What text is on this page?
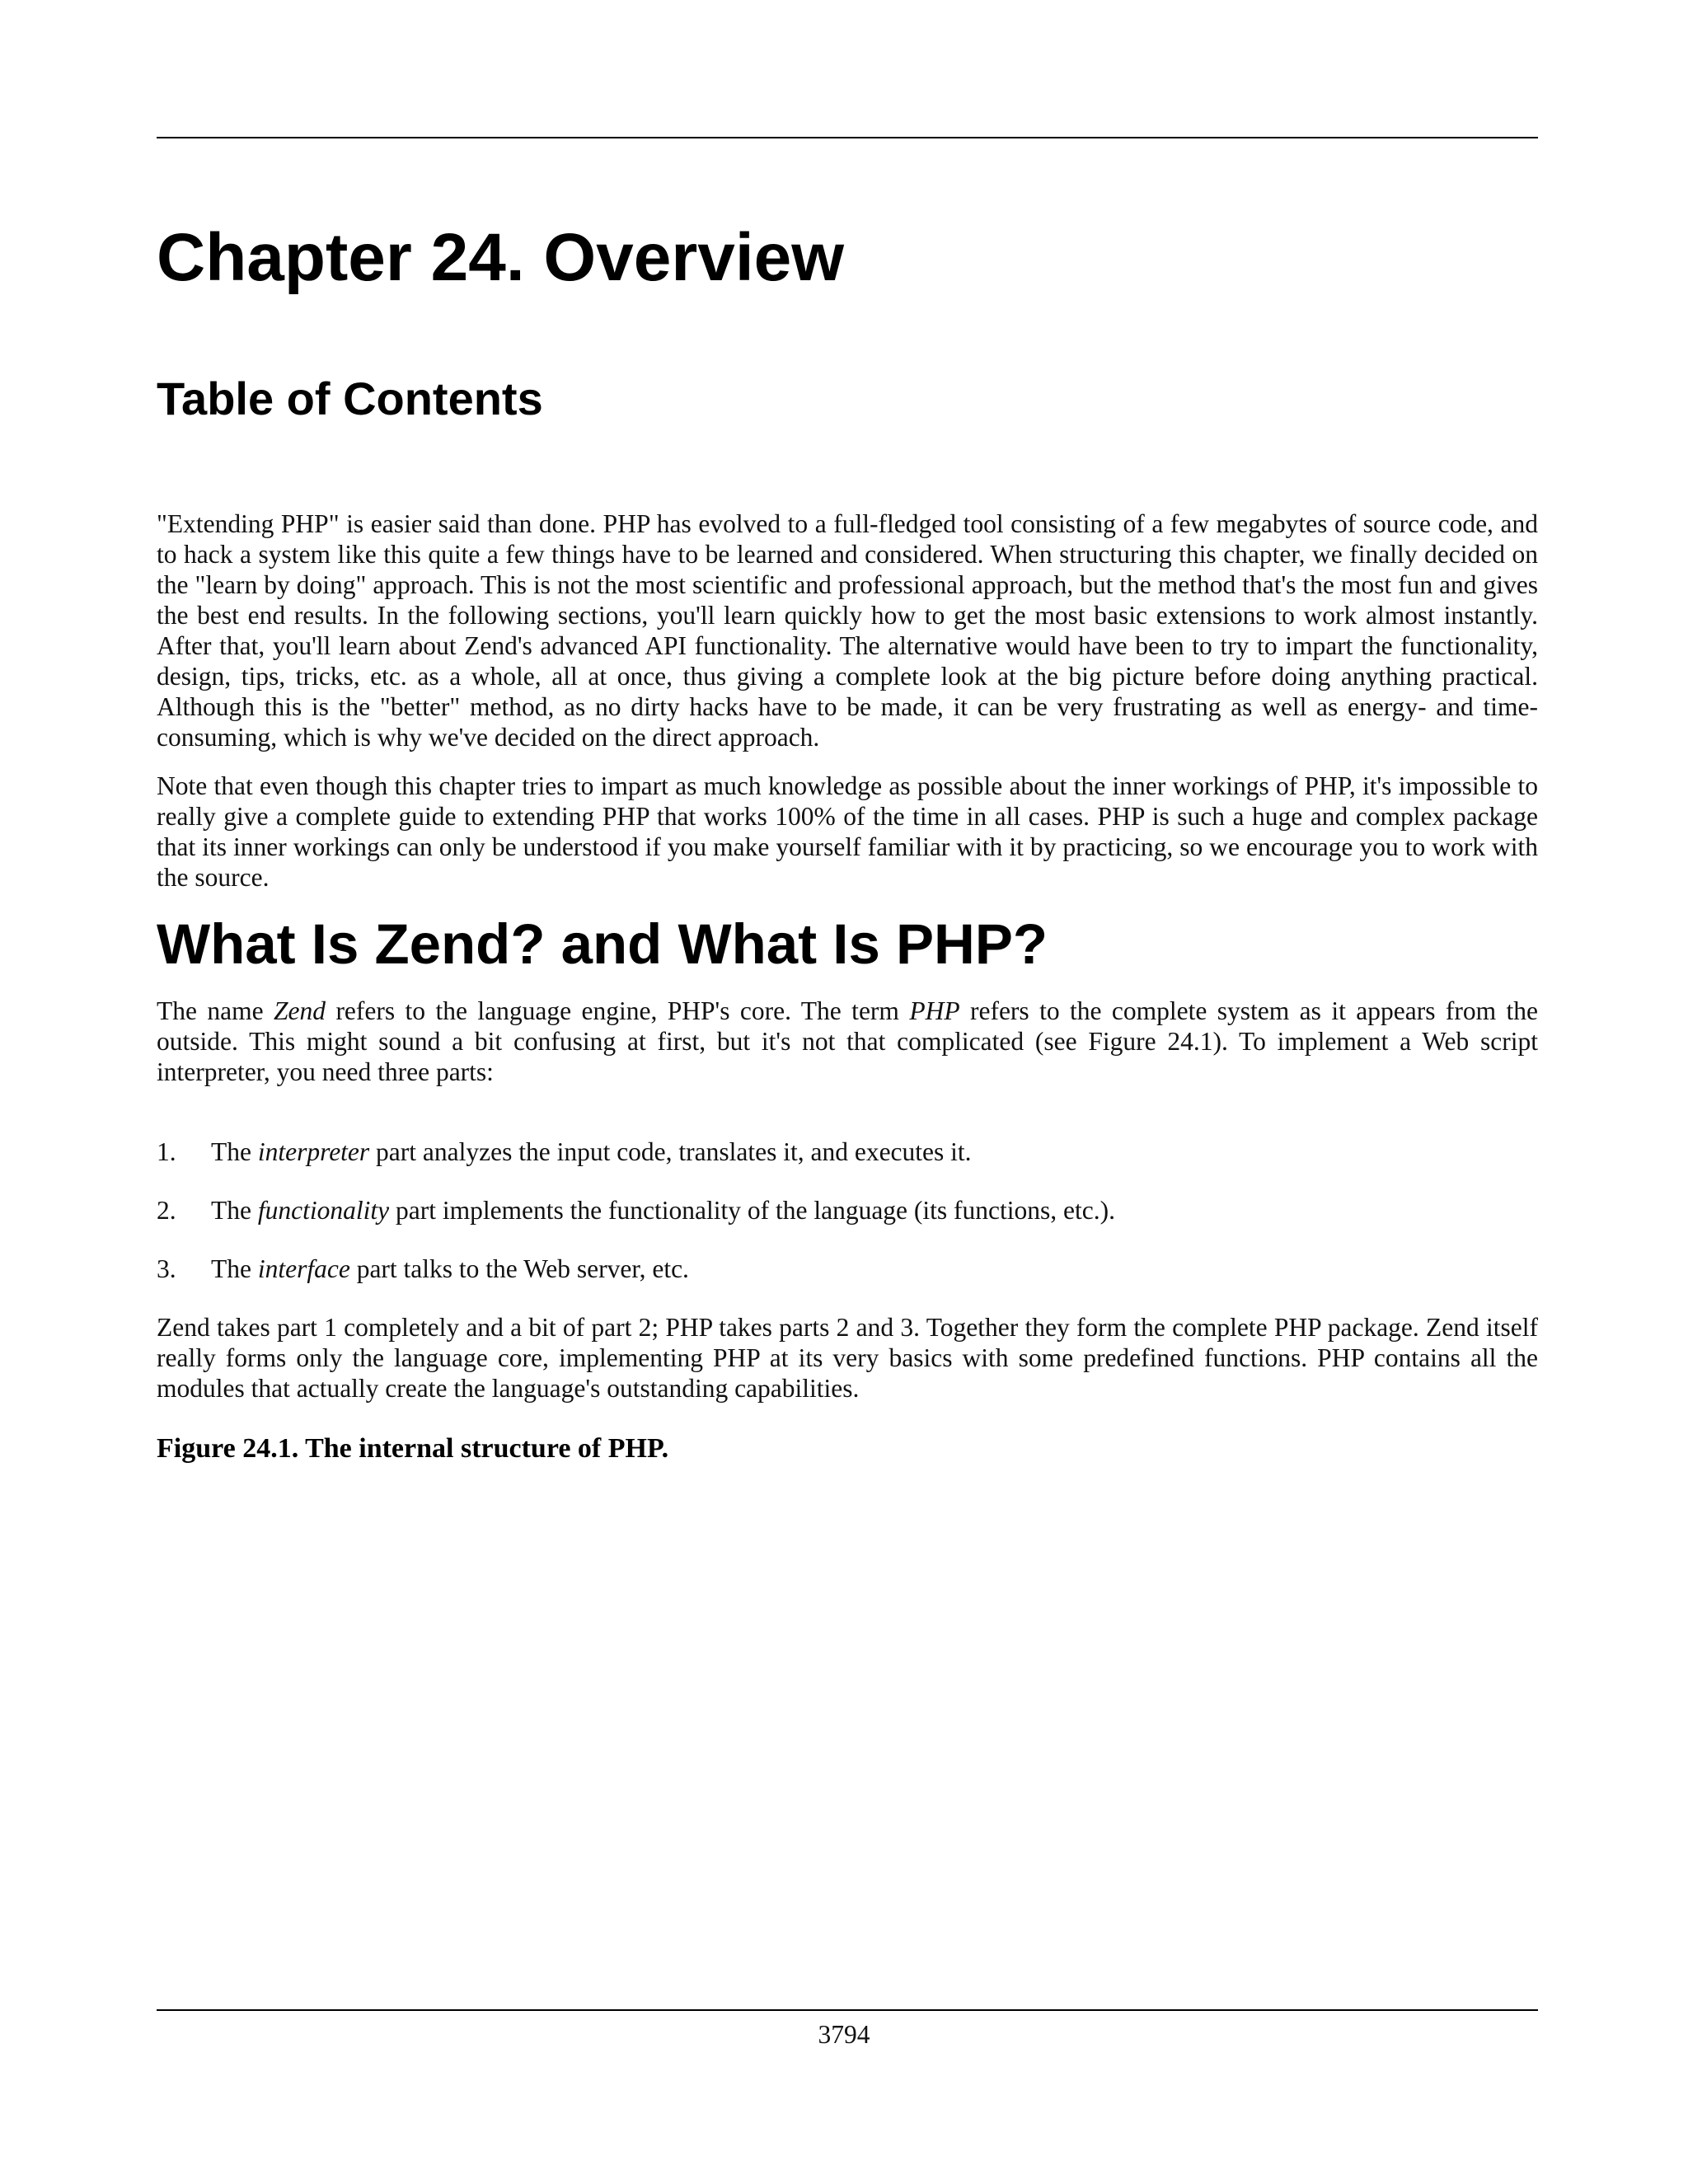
Chapter 24. Overview
Table of Contents

"Extending PHP" is easier said than done. PHP has evolved to a full-fledged tool consisting of a few megabytes of source code, and to hack a system like this quite a few things have to be learned and considered. When structuring this chapter, we finally decided on the "learn by doing" approach. This is not the most scientific and professional approach, but the method that's the most fun and gives the best end results. In the following sections, you'll learn quickly how to get the most basic extensions to work almost instantly. After that, you'll learn about Zend's advanced API functionality. The alternative would have been to try to impart the functionality, design, tips, tricks, etc. as a whole, all at once, thus giving a complete look at the big picture before doing anything practical. Although this is the "better" method, as no dirty hacks have to be made, it can be very frustrating as well as energy- and time-consuming, which is why we've decided on the direct approach.

Note that even though this chapter tries to impart as much knowledge as possible about the inner workings of PHP, it's impossible to really give a complete guide to extending PHP that works 100% of the time in all cases. PHP is such a huge and complex package that its inner workings can only be understood if you make yourself familiar with it by practicing, so we encourage you to work with the source.

What Is Zend? and What Is PHP?

The name Zend refers to the language engine, PHP's core. The term PHP refers to the complete system as it appears from the outside. This might sound a bit confusing at first, but it's not that complicated (see Figure 24.1). To implement a Web script interpreter, you need three parts:

1.	The interpreter part analyzes the input code, translates it, and executes it.
2.	The functionality part implements the functionality of the language (its functions, etc.).
3.	The interface part talks to the Web server, etc.

Zend takes part 1 completely and a bit of part 2; PHP takes parts 2 and 3. Together they form the complete PHP package. Zend itself really forms only the language core, implementing PHP at its very basics with some predefined functions. PHP contains all the modules that actually create the language's outstanding capabilities.

Figure 24.1. The internal structure of PHP.
3794
